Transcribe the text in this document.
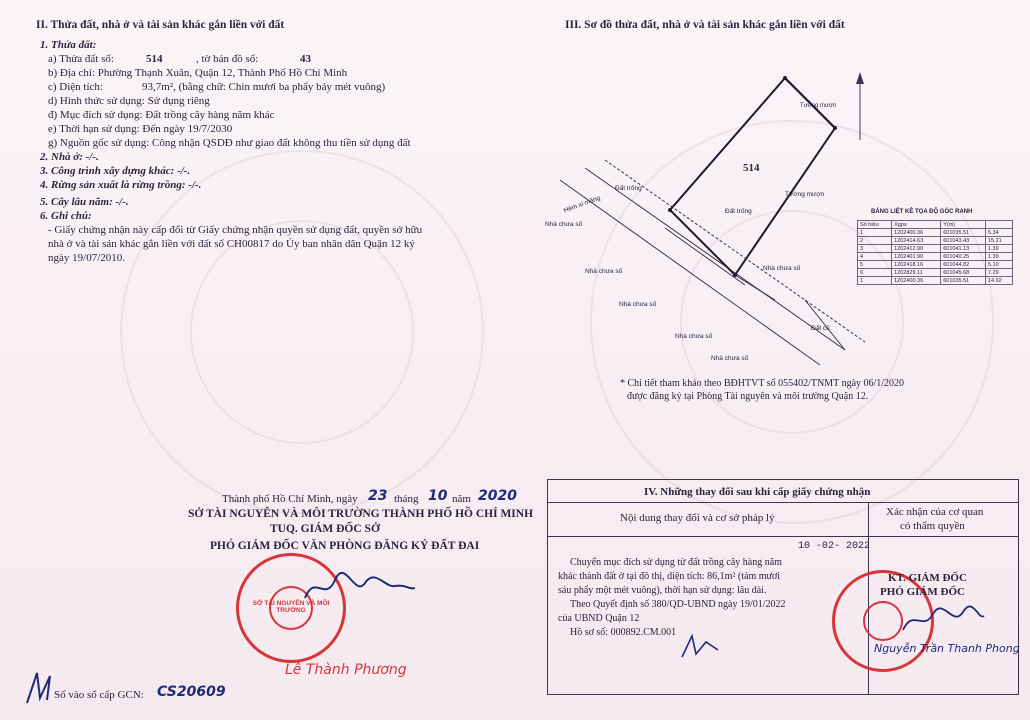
II. Thửa đất, nhà ở và tài sản khác gắn liền với đất
1. Thửa đất:
a) Thửa đất số:	514	, tờ bản đồ số:	43
b) Địa chỉ: Phường Thạnh Xuân, Quận 12, Thành Phố Hồ Chí Minh
c) Diện tích:	93,7m², (bằng chữ: Chín mươi ba phẩy bảy mét vuông)
d) Hình thức sử dụng: Sử dụng riêng
đ) Mục đích sử dụng: Đất trồng cây hàng năm khác
e) Thời hạn sử dụng: Đến ngày 19/7/2030
g) Nguồn gốc sử dụng: Công nhận QSDĐ như giao đất không thu tiền sử dụng đất
2. Nhà ở: -/-.
3. Công trình xây dựng khác: -/-.
4. Rừng sản xuất là rừng trồng: -/-.
5. Cây lâu năm: -/-.
6. Ghi chú:
- Giấy chứng nhận này cấp đổi từ Giấy chứng nhận quyền sử dụng đất, quyền sở hữu
nhà ở và tài sản khác gắn liền với đất số CH00817 do Ủy ban nhân dân Quận 12 ký
ngày 19/07/2010.
Thành phố Hồ Chí Minh, ngày 23 tháng 10 năm 2020
SỞ TÀI NGUYÊN VÀ MÔI TRƯỜNG THÀNH PHỐ HỒ CHÍ MINH
TUQ. GIÁM ĐỐC SỞ
PHÓ GIÁM ĐỐC VĂN PHÒNG ĐĂNG KÝ ĐẤT ĐAI
SỞ TÀI NGUYÊN VÀ MÔI TRƯỜNG
Lê Thành Phương
Số vào sổ cấp GCN: CS20609
III. Sơ đồ thửa đất, nhà ở và tài sản khác gắn liền với đất
514
Đất trống
Đất trống
Tường mượn
Tường mượn
Nhà chưa số
Nhà chưa số
Nhà chưa số
Nhà chưa số
Nhà chưa số
Nhà chưa số
Hẻm xi măng
Đất cũ
BẢNG LIỆT KÊ TỌA ĐỘ GÓC RANH
Số hiệu	Xgps	Y(m)	
1	1202400.36	601035.51	5.34
2	1202414.63	601043.43	15.21
3	1202412.90	601041.13	1.39
4	1202401.90	601040.25	1.39
5	1202418.16	601044.82	5.10
6	1202829.11	601045.68	7.29
1	1202400.36	601035.51	14.92
* Chi tiết tham khảo theo BĐHTVT số 055402/TNMT ngày 06/1/2020
được đăng ký tại Phòng Tài nguyên và môi trường Quận 12.
IV. Những thay đổi sau khi cấp giấy chứng nhận
Nội dung thay đổi và cơ sở pháp lý	Xác nhận của cơ quan
có thẩm quyền
10 -02- 2022
Chuyển mục đích sử dụng từ đất trồng cây hàng năm
khác thành đất ở tại đô thị, diện tích: 86,1m² (tám mươi
sáu phẩy một mét vuông), thời hạn sử dụng: lâu dài.
Theo Quyết định số 380/QD-UBND ngày 19/01/2022
của UBND Quận 12
Hồ sơ số: 000892.CM.001
KT. GIÁM ĐỐC
PHÓ GIÁM ĐỐC
Nguyễn Trần Thanh Phong
